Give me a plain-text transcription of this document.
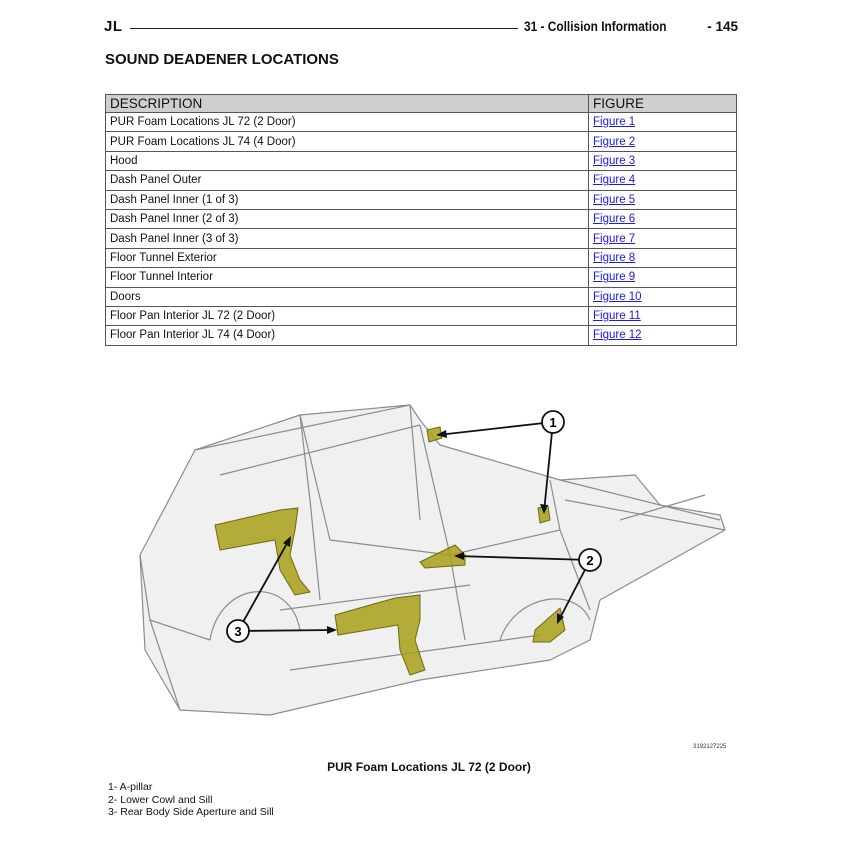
JL	31 - Collision Information	- 145
SOUND DEADENER LOCATIONS
DESCRIPTION	FIGURE
PUR Foam Locations JL 72 (2 Door)	Figure 1
PUR Foam Locations JL 74 (4 Door)	Figure 2
Hood	Figure 3
Dash Panel Outer	Figure 4
Dash Panel Inner (1 of 3)	Figure 5
Dash Panel Inner (2 of 3)	Figure 6
Dash Panel Inner (3 of 3)	Figure 7
Floor Tunnel Exterior	Figure 8
Floor Tunnel Interior	Figure 9
Doors	Figure 10
Floor Pan Interior JL 72 (2 Door)	Figure 11
Floor Pan Interior JL 74 (4 Door)	Figure 12
1
2
3
3192127225

PUR Foam Locations JL 72 (2 Door)

1- A-pillar
2- Lower Cowl and Sill
3- Rear Body Side Aperture and Sill
